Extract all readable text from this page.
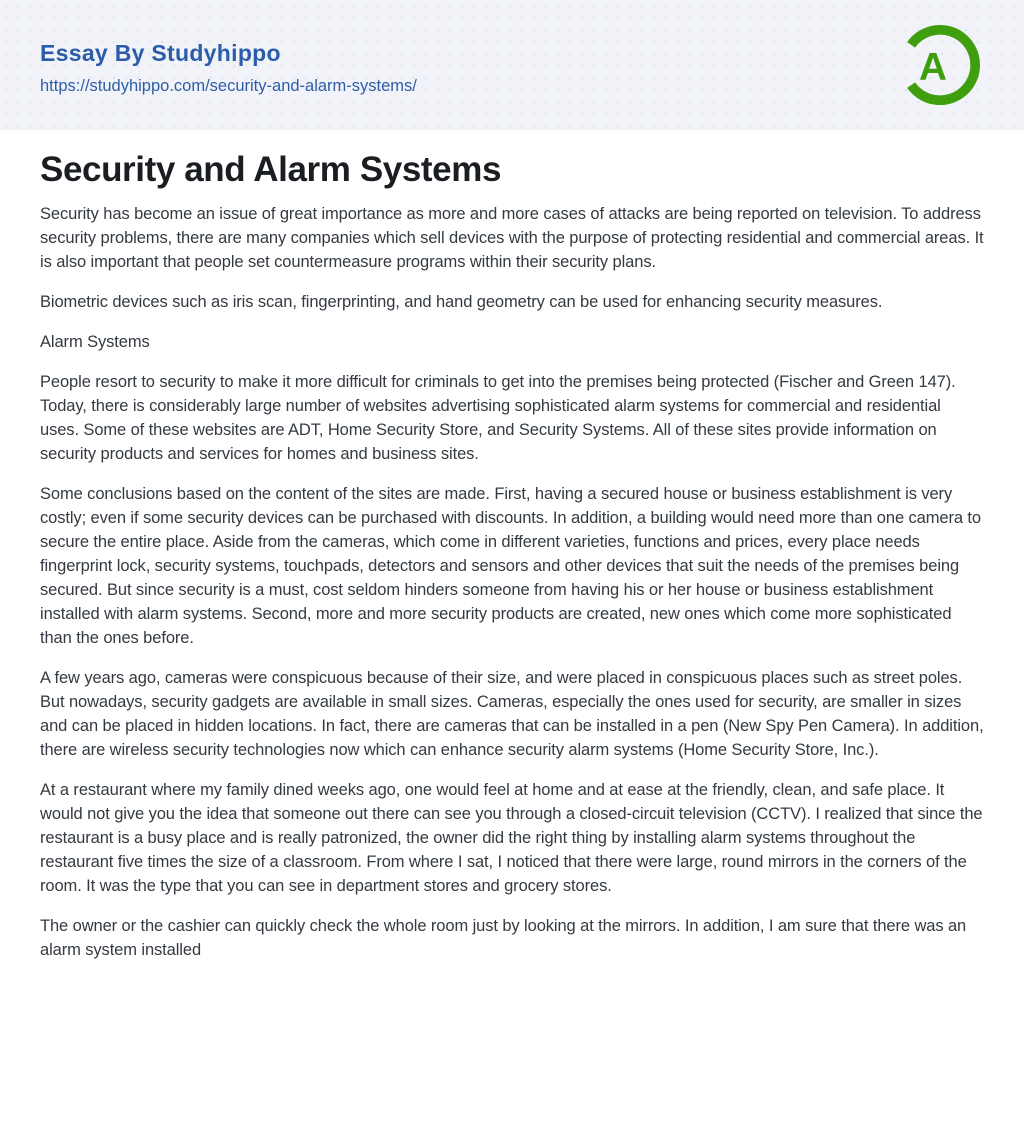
Essay By Studyhippo
https://studyhippo.com/security-and-alarm-systems/	A
Security and Alarm Systems

Security has become an issue of great importance as more and more cases of attacks are being reported on television. To address security problems, there are many companies which sell devices with the purpose of protecting residential and commercial areas. It is also important that people set countermeasure programs within their security plans.

Biometric devices such as iris scan, fingerprinting, and hand geometry can be used for enhancing security measures.

Alarm Systems

People resort to security to make it more difficult for criminals to get into the premises being protected (Fischer and Green 147). Today, there is considerably large number of websites advertising sophisticated alarm systems for commercial and residential uses. Some of these websites are ADT, Home Security Store, and Security Systems. All of these sites provide information on security products and services for homes and business sites.

Some conclusions based on the content of the sites are made. First, having a secured house or business establishment is very costly; even if some security devices can be purchased with discounts. In addition, a building would need more than one camera to secure the entire place. Aside from the cameras, which come in different varieties, functions and prices, every place needs fingerprint lock, security systems, touchpads, detectors and sensors and other devices that suit the needs of the premises being secured. But since security is a must, cost seldom hinders someone from having his or her house or business establishment installed with alarm systems. Second, more and more security products are created, new ones which come more sophisticated than the ones before.

A few years ago, cameras were conspicuous because of their size, and were placed in conspicuous places such as street poles. But nowadays, security gadgets are available in small sizes. Cameras, especially the ones used for security, are smaller in sizes and can be placed in hidden locations. In fact, there are cameras that can be installed in a pen (New Spy Pen Camera). In addition, there are wireless security technologies now which can enhance security alarm systems (Home Security Store, Inc.).

At a restaurant where my family dined weeks ago, one would feel at home and at ease at the friendly, clean, and safe place. It would not give you the idea that someone out there can see you through a closed-circuit television (CCTV). I realized that since the restaurant is a busy place and is really patronized, the owner did the right thing by installing alarm systems throughout the restaurant five times the size of a classroom. From where I sat, I noticed that there were large, round mirrors in the corners of the room. It was the type that you can see in department stores and grocery stores.

The owner or the cashier can quickly check the whole room just by looking at the mirrors. In addition, I am sure that there was an alarm system installed
